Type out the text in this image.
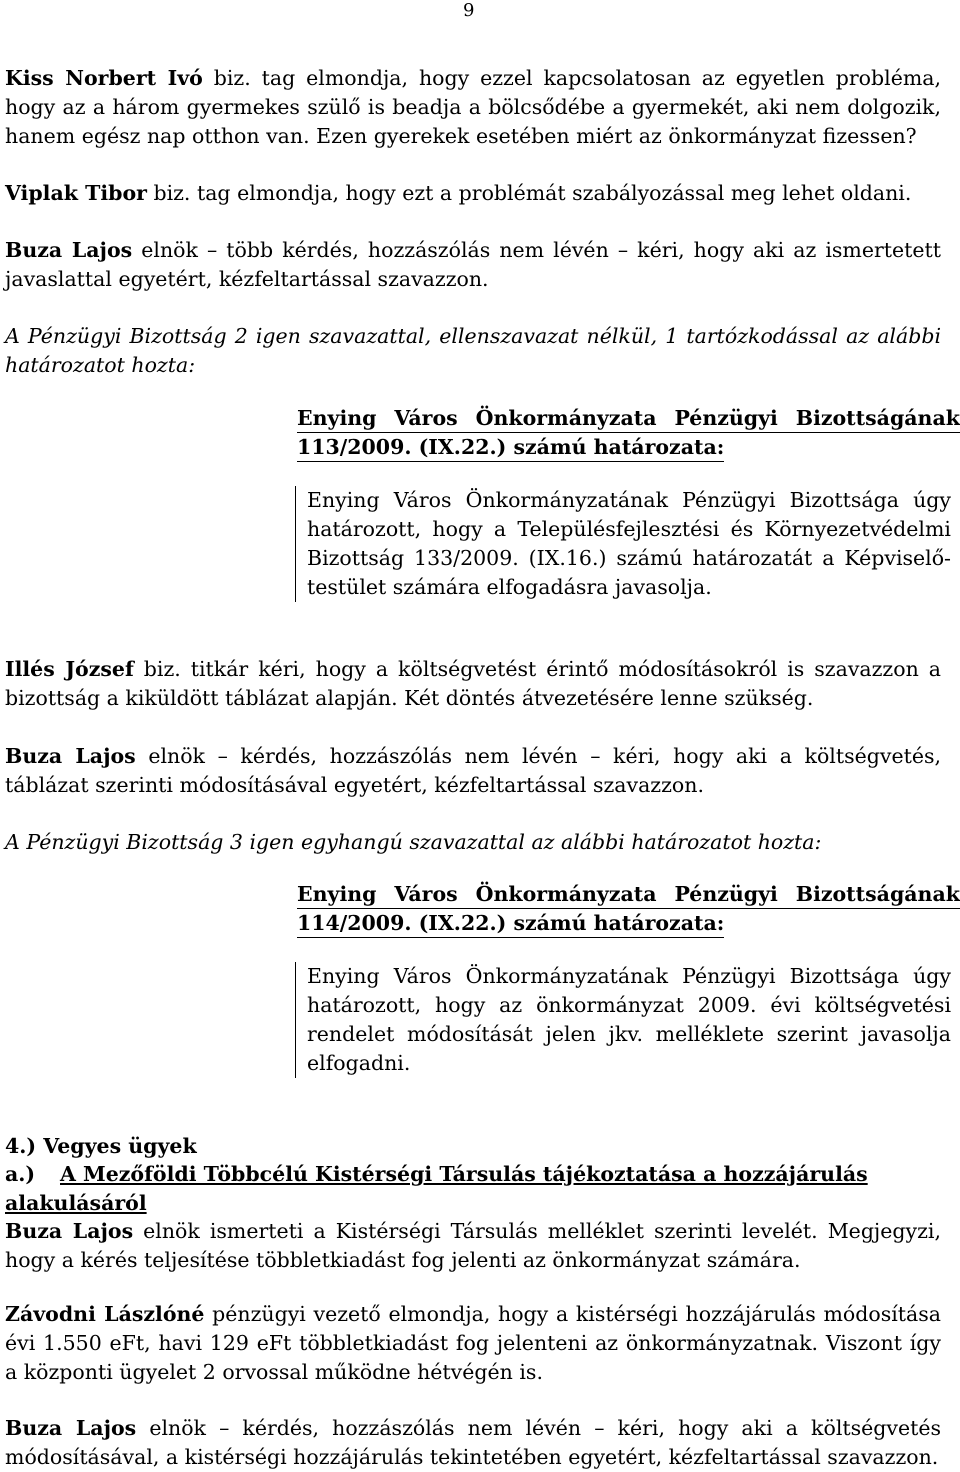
9

Kiss Norbert Ivó biz. tag elmondja, hogy ezzel kapcsolatosan az egyetlen probléma, hogy az a három gyermekes szülő is beadja a bölcsődébe a gyermekét, aki nem dolgozik, hanem egész nap otthon van. Ezen gyerekek esetében miért az önkormányzat fizessen?

Viplak Tibor biz. tag elmondja, hogy ezt a problémát szabályozással meg lehet oldani.

Buza Lajos elnök – több kérdés, hozzászólás nem lévén – kéri, hogy aki az ismertetett javaslattal egyetért, kézfeltartással szavazzon.

A Pénzügyi Bizottság 2 igen szavazattal, ellenszavazat nélkül, 1 tartózkodással az alábbi határozatot hozta:

Enying Város Önkormányzata Pénzügyi Bizottságának
113/2009. (IX.22.) számú határozata:
Enying Város Önkormányzatának Pénzügyi Bizottsága úgy határozott, hogy a Településfejlesztési és Környezetvédelmi Bizottság 133/2009. (IX.16.) számú határozatát a Képviselő-testület számára elfogadásra javasolja.

Illés József biz. titkár kéri, hogy a költségvetést érintő módosításokról is szavazzon a bizottság a kiküldött táblázat alapján. Két döntés átvezetésére lenne szükség.

Buza Lajos elnök – kérdés, hozzászólás nem lévén – kéri, hogy aki a költségvetés, táblázat szerinti módosításával egyetért, kézfeltartással szavazzon.

A Pénzügyi Bizottság 3 igen egyhangú szavazattal az alábbi határozatot hozta:

Enying Város Önkormányzata Pénzügyi Bizottságának
114/2009. (IX.22.) számú határozata:
Enying Város Önkormányzatának Pénzügyi Bizottsága úgy határozott, hogy az önkormányzat 2009. évi költségvetési rendelet módosítását jelen jkv. melléklete szerint javasolja elfogadni.
4.) Vegyes ügyek
a.) A Mezőföldi Többcélú Kistérségi Társulás tájékoztatása a hozzájárulás alakulásáról

Buza Lajos elnök ismerteti a Kistérségi Társulás melléklet szerinti levelét. Megjegyzi, hogy a kérés teljesítése többletkiadást fog jelenti az önkormányzat számára.

Závodni Lászlóné pénzügyi vezető elmondja, hogy a kistérségi hozzájárulás módosítása évi 1.550 eFt, havi 129 eFt többletkiadást fog jelenteni az önkormányzatnak. Viszont így a központi ügyelet 2 orvossal működne hétvégén is.

Buza Lajos elnök – kérdés, hozzászólás nem lévén – kéri, hogy aki a költségvetés módosításával, a kistérségi hozzájárulás tekintetében egyetért, kézfeltartással szavazzon.
